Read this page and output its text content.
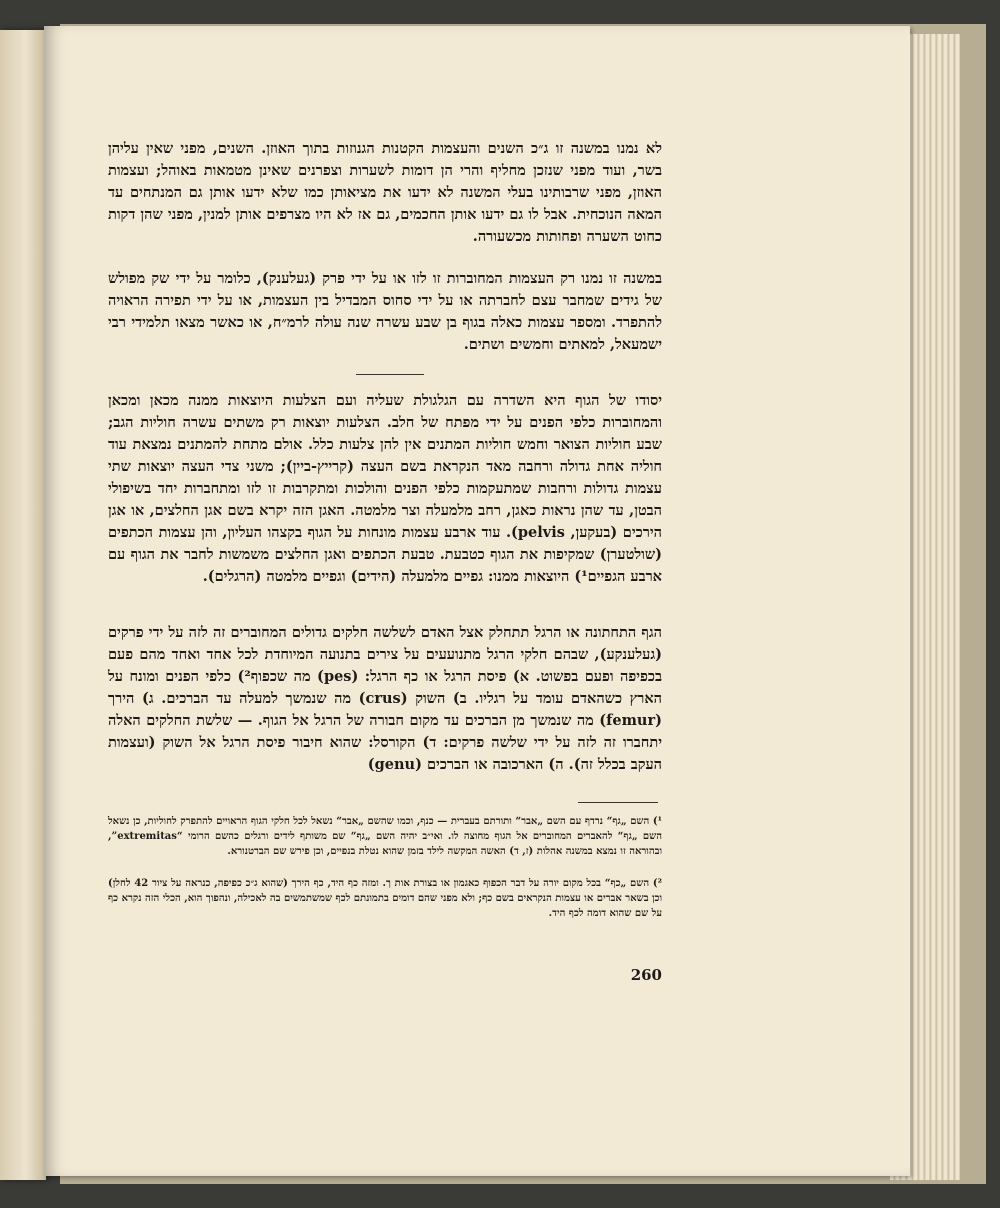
לא נמנו במשנה זו ג״כ השנים והעצמות הקטנות הגנוזות בתוך האוזן. השנים, מפני שאין עליהן בשר, ועוד מפני שנזכן מחליף והרי הן דומות לשערות וצפרנים שאינן מטמאות באוהל; ועצמות האוזן, מפני שרבותינו בעלי המשנה לא ידעו את מציאותן כמו שלא ידעו אותן גם המנתחים עד המאה הנוכחית. אבל לו גם ידעו אותן החכמים, גם אז לא היו מצרפים אותן למנין, מפני שהן דקות כחוט השערה ופחותות מכשעורה.

במשנה זו נמנו רק העצמות המחוברות זו לזו או על ידי פרק (געלענק), כלומר על ידי שק מפולש של גידים שמחבר עצם לחברתה או על ידי סחוס המבדיל בין העצמות, או על ידי תפירה הראויה להתפרד. ומספר עצמות כאלה בגוף בן שבע עשרה שנה עולה לרמ״ח, או כאשר מצאו תלמידי רבי ישמעאל, למאתים וחמשים ושתים.

יסודו של הגוף היא השדרה עם הגלגולת שעליה ועם הצלעות היוצאות ממנה מכאן ומכאן והמחוברות כלפי הפנים על ידי מפתח של חלב. הצלעות יוצאות רק משתים עשרה חוליות הגב; שבע חוליות הצואר וחמש חוליות המתנים אין להן צלעות כלל. אולם מתחת להמתנים נמצאת עוד חוליה אחת גדולה ורחבה מאד הנקראת בשם העצה (קרייץ-ביין); משני צדי העצה יוצאות שתי עצמות גדולות ורחבות שמתעקמות כלפי הפנים והולכות ומתקרבות זו לזו ומתחברות יחד בשיפולי הבטן, עד שהן נראות כאגן, רחב מלמעלה וצר מלמטה. האגן הזה יקרא בשם אגן החלצים, או אגן הירכים (בעקען, pelvis). עוד ארבע עצמות מונחות על הגוף בקצהו העליון, והן עצמות הכתפים (שולטערן) שמקיפות את הגוף כטבעת. טבעת הכתפים ואגן החלצים משמשות לחבר את הגוף עם ארבע הגפיים¹) היוצאות ממנו: גפיים מלמעלה (הידים) וגפיים מלמטה (הרגלים).

הגף התחתונה או הרגל תתחלק אצל האדם לשלשה חלקים גדולים המחוברים זה לזה על ידי פרקים (געלענקע), שבהם חלקי הרגל מתנועעים על צירים בתנועה המיוחדת לכל אחד ואחד מהם פעם בכפיפה ופעם בפשוט. א) פיסת הרגל או כף הרגל: (pes) מה שכפוף²) כלפי הפנים ומונח על הארץ כשהאדם עומד על רגליו. ב) השוק (crus) מה שנמשך למעלה עד הברכים. ג) הירך (femur) מה שנמשך מן הברכים עד מקום חבורה של הרגל אל הגוף. — שלשת החלקים האלה יתחברו זה לזה על ידי שלשה פרקים: ד) הקורסל: שהוא חיבור פיסת הרגל אל השוק (ועצמות העקב בכלל זה). ה) הארכובה או הברכים (genu)

¹) השם „גף“ נרדף עם השם „אבר“ ותורתם בעברית — כנף, וכמו שהשם „אבר“ נשאל לכל חלקי הגוף הראויים להתפרק לחוליות, כן נשאל השם „גף“ להאברים המחוברים אל הגוף מחוצה לו. ואי״ב יהיה השם „גף“ שם משותף לידים ורגלים כהשם הרומי “extremitas”, ובהוראה זו נמצא במשנה אהלות (ז, ד) האשה המקשה לילד בזמן שהוא נטלת בנפיים, וכן פירש שם הברטנורא.

²) השם „כף“ בכל מקום יורה על דבר הכפוף כאגמון או בצורת אות ך. ומזה כף היד, כף הירך (שהוא ג״כ כפיפה, כנראה על ציור 42 לחלן) וכן בשאר אברים או עצמות הנקראים בשם כף; ולא מפני שהם דומים בתמונתם לכף שמשתמשים בה לאכילה, ונהפוך הוא, הכלי הזה נקרא כף על שם שהוא דומה לכף היד.

260
